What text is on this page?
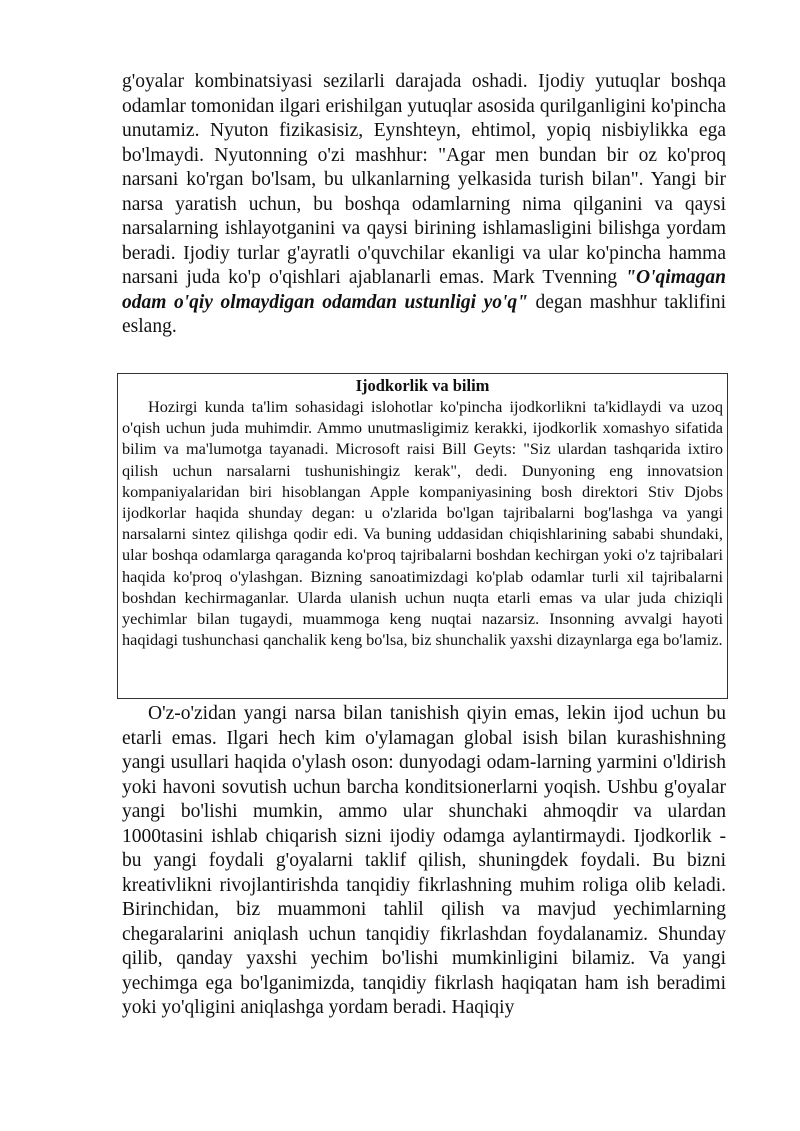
g'oyalar kombinatsiyasi sezilarli darajada oshadi. Ijodiy yutuqlar boshqa odamlar tomonidan ilgari erishilgan yutuqlar asosida qurilganligini ko'pincha unutamiz. Nyuton fizikasisiz, Eynshteyn, ehtimol, yopiq nisbiylikka ega bo'lmaydi. Nyutonning o'zi mashhur: "Agar men bundan bir oz ko'proq narsani ko'rgan bo'lsam, bu ulkanlarning yelkasida turish bilan". Yangi bir narsa yaratish uchun, bu boshqa odamlarning nima qilganini va qaysi narsalarning ishlayotganini va qaysi birining ishlamasligini bilishga yordam beradi. Ijodiy turlar g'ayratli o'quvchilar ekanligi va ular ko'pincha hamma narsani juda ko'p o'qishlari ajablanarli emas. Mark Tvenning "O'qimagan odam o'qiy olmaydigan odamdan ustunligi yo'q" degan mashhur taklifini eslang.

Ijodkorlik va bilim

Hozirgi kunda ta'lim sohasidagi islohotlar ko'pincha ijodkorlikni ta'kidlaydi va uzoq o'qish uchun juda muhimdir. Ammo unutmasligimiz kerakki, ijodkorlik xomashyo sifatida bilim va ma'lumotga tayanadi. Microsoft raisi Bill Geyts: "Siz ulardan tashqarida ixtiro qilish uchun narsalarni tushunishingiz kerak", dedi. Dunyoning eng innovatsion kompaniyalaridan biri hisoblangan Apple kompaniyasining bosh direktori Stiv Djobs ijodkorlar haqida shunday degan: u o'zlarida bo'lgan tajribalarni bog'lashga va yangi narsalarni sintez qilishga qodir edi. Va buning uddasidan chiqishlarining sababi shundaki, ular boshqa odamlarga qaraganda ko'proq tajribalarni boshdan kechirgan yoki o'z tajribalari haqida ko'proq o'ylashgan. Bizning sanoatimizdagi ko'plab odamlar turli xil tajribalarni boshdan kechirmaganlar. Ularda ulanish uchun nuqta etarli emas va ular juda chiziqli yechimlar bilan tugaydi, muammoga keng nuqtai nazarsiz. Insonning avvalgi hayoti haqidagi tushunchasi qanchalik keng bo'lsa, biz shunchalik yaxshi dizaynlarga ega bo'lamiz.

O'z-o'zidan yangi narsa bilan tanishish qiyin emas, lekin ijod uchun bu etarli emas. Ilgari hech kim o'ylamagan global isish bilan kurashishning yangi usullari haqida o'ylash oson: dunyodagi odam-larning yarmini o'ldirish yoki havoni sovutish uchun barcha konditsionerlarni yoqish. Ushbu g'oyalar yangi bo'lishi mumkin, ammo ular shunchaki ahmoqdir va ulardan 1000tasini ishlab chiqarish sizni ijodiy odamga aylantirmaydi. Ijodkorlik - bu yangi foydali g'oyalarni taklif qilish, shuningdek foydali. Bu bizni kreativlikni rivojlantirishda tanqidiy fikrlashning muhim roliga olib keladi. Birinchidan, biz muammoni tahlil qilish va mavjud yechimlarning chegaralarini aniqlash uchun tanqidiy fikrlashdan foydalanamiz. Shunday qilib, qanday yaxshi yechim bo'lishi mumkinligini bilamiz. Va yangi yechimga ega bo'lganimizda, tanqidiy fikrlash haqiqatan ham ish beradimi yoki yo'qligini aniqlashga yordam beradi. Haqiqiy
